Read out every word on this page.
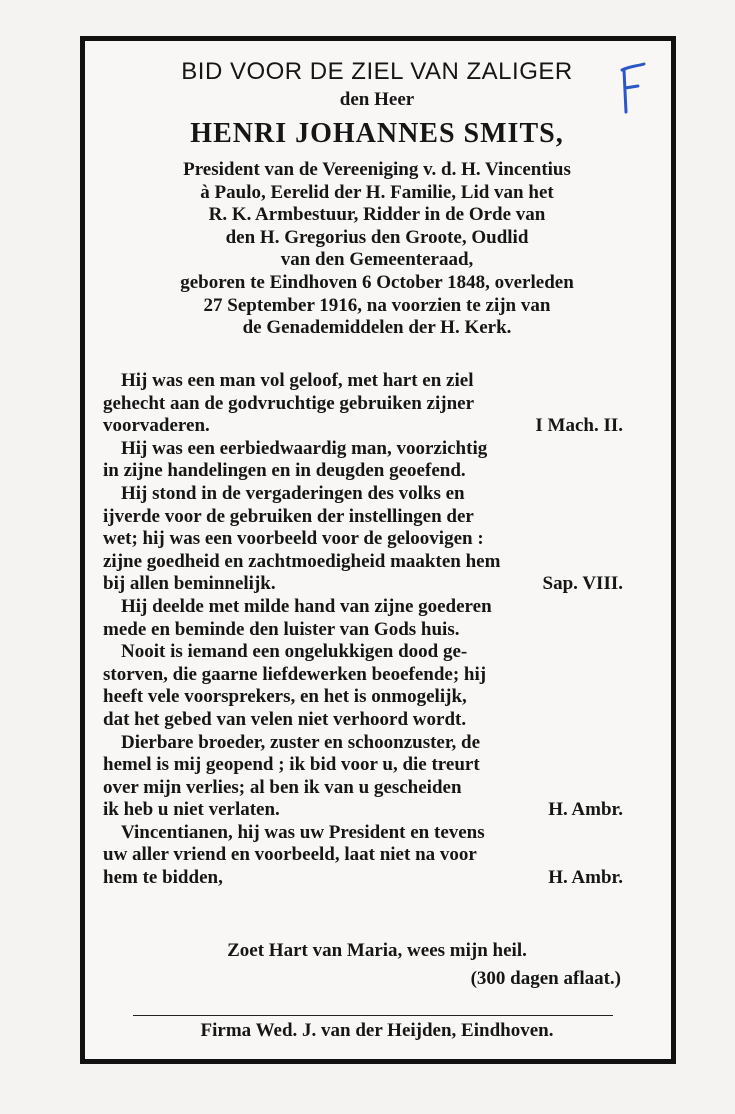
BID VOOR DE ZIEL VAN ZALIGER
den Heer
HENRI JOHANNES SMITS,
President van de Vereeniging v. d. H. Vincentius
à Paulo, Eerelid der H. Familie, Lid van het
R. K. Armbestuur, Ridder in de Orde van
den H. Gregorius den Groote, Oudlid
van den Gemeenteraad,
geboren te Eindhoven 6 October 1848, overleden
27 September 1916, na voorzien te zijn van
de Genademiddelen der H. Kerk.
Hij was een man vol geloof, met hart en ziel
gehecht aan de godvruchtige gebruiken zijner
voorvaderen.	I Mach. II.
Hij was een eerbiedwaardig man, voorzichtig
in zijne handelingen en in deugden geoefend.
Hij stond in de vergaderingen des volks en
ijverde voor de gebruiken der instellingen der
wet; hij was een voorbeeld voor de geloovigen :
zijne goedheid en zachtmoedigheid maakten hem
bij allen beminnelijk.	Sap. VIII.
Hij deelde met milde hand van zijne goederen
mede en beminde den luister van Gods huis.
Nooit is iemand een ongelukkigen dood ge-
storven, die gaarne liefdewerken beoefende; hij
heeft vele voorsprekers, en het is onmogelijk,
dat het gebed van velen niet verhoord wordt.
Dierbare broeder, zuster en schoonzuster, de
hemel is mij geopend ; ik bid voor u, die treurt
over mijn verlies; al ben ik van u gescheiden
ik heb u niet verlaten.	H. Ambr.
Vincentianen, hij was uw President en tevens
uw aller vriend en voorbeeld, laat niet na voor
hem te bidden,	H. Ambr.
Zoet Hart van Maria, wees mijn heil.
(300 dagen aflaat.)
Firma Wed. J. van der Heijden, Eindhoven.
